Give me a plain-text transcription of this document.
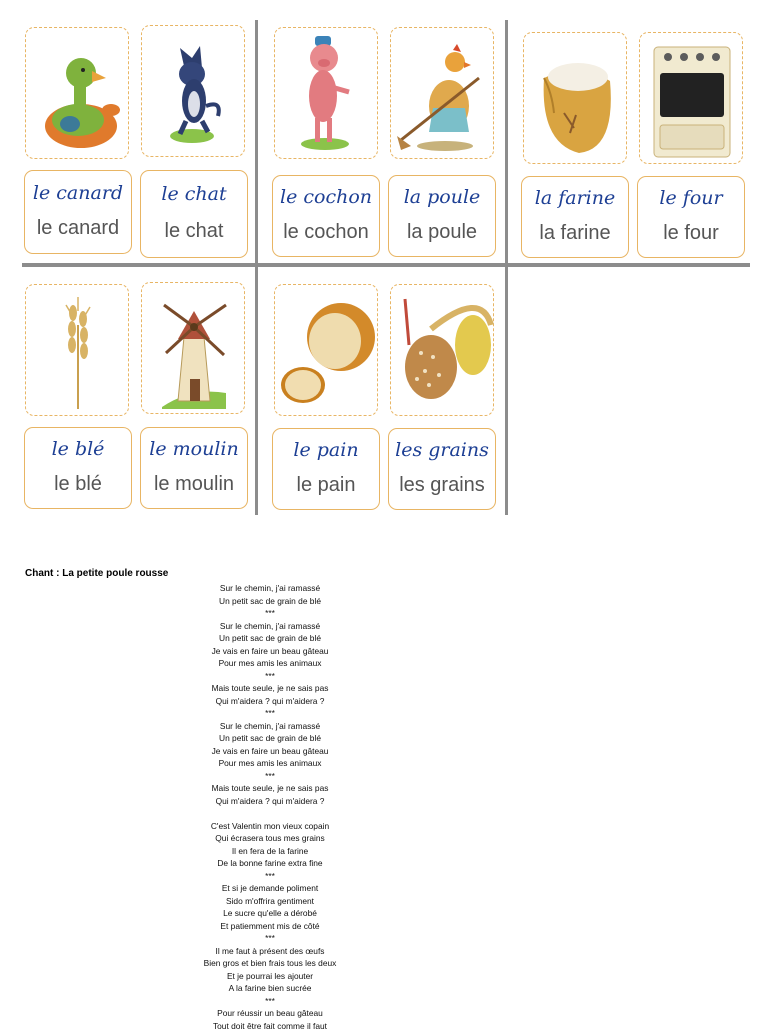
le canard
le canard
le chat
le chat
le cochon
le cochon
la poule
la poule
la farine
la farine
le four
le four
le blé
le blé
le moulin
le moulin
le pain
le pain
les grains
les grains
Chant : La petite poule rousse
Sur le chemin, j'ai ramassé
Un petit sac de grain de blé
***
Sur le chemin, j'ai ramassé
Un petit sac de grain de blé
Je vais en faire un beau gâteau
Pour mes amis les animaux
***
Mais toute seule, je ne sais pas
Qui m'aidera ? qui m'aidera ?
***
Sur le chemin, j'ai ramassé
Un petit sac de grain de blé
Je vais en faire un beau gâteau
Pour mes amis les animaux
***
Mais toute seule, je ne sais pas
Qui m'aidera ? qui m'aidera ?
C'est Valentin mon vieux copain
Qui écrasera tous mes grains
Il en fera de la farine
De la bonne farine extra fine
***
Et si je demande poliment
Sido m'offrira gentiment
Le sucre qu'elle a dérobé
Et patiemment mis de côté
***
Il me faut à présent des œufs
Bien gros et bien frais tous les deux
Et je pourrai les ajouter
A la farine bien sucrée
***
Pour réussir un beau gâteau
Tout doit être fait comme il faut
